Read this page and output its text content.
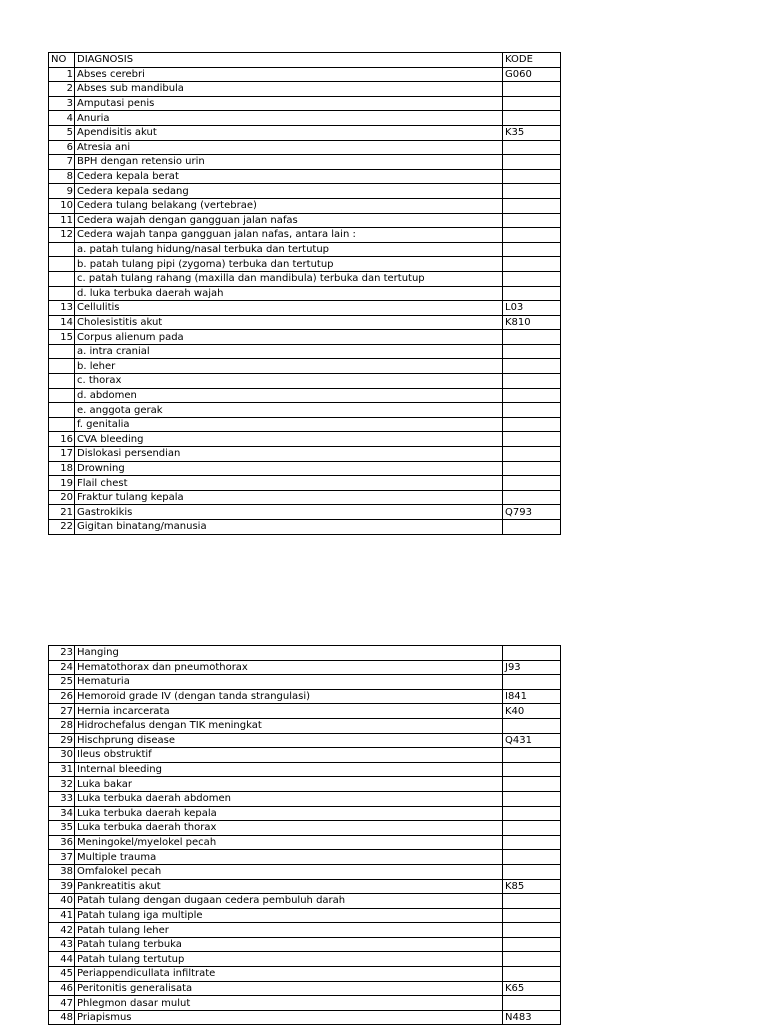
NO	DIAGNOSIS	KODE
1	Abses cerebri	G060
2	Abses sub mandibula	
3	Amputasi penis	
4	Anuria	
5	Apendisitis akut	K35
6	Atresia ani	
7	BPH dengan retensio urin	
8	Cedera kepala berat	
9	Cedera kepala sedang	
10	Cedera tulang belakang (vertebrae)	
11	Cedera wajah dengan gangguan jalan nafas	
12	Cedera wajah tanpa gangguan jalan nafas, antara lain :	
	a. patah tulang hidung/nasal terbuka dan tertutup	
	b. patah tulang pipi (zygoma) terbuka dan tertutup	
	c. patah tulang rahang (maxilla dan mandibula) terbuka dan tertutup	
	d. luka terbuka daerah wajah	
13	Cellulitis	L03
14	Cholesistitis akut	K810
15	Corpus alienum pada	
	a. intra cranial	
	b. leher	
	c. thorax	
	d. abdomen	
	e. anggota gerak	
	f. genitalia	
16	CVA bleeding	
17	Dislokasi persendian	
18	Drowning	
19	Flail chest	
20	Fraktur tulang kepala	
21	Gastrokikis	Q793
22	Gigitan binatang/manusia	
23	Hanging	
24	Hematothorax dan pneumothorax	J93
25	Hematuria	
26	Hemoroid grade IV (dengan tanda strangulasi)	I841
27	Hernia incarcerata	K40
28	Hidrochefalus dengan TIK meningkat	
29	Hischprung disease	Q431
30	Ileus obstruktif	
31	Internal bleeding	
32	Luka bakar	
33	Luka terbuka daerah abdomen	
34	Luka terbuka daerah kepala	
35	Luka terbuka daerah thorax	
36	Meningokel/myelokel pecah	
37	Multiple trauma	
38	Omfalokel pecah	
39	Pankreatitis akut	K85
40	Patah tulang dengan dugaan cedera pembuluh darah	
41	Patah tulang iga multiple	
42	Patah tulang leher	
43	Patah tulang terbuka	
44	Patah tulang tertutup	
45	Periappendicullata infiltrate	
46	Peritonitis generalisata	K65
47	Phlegmon dasar mulut	
48	Priapismus	N483
